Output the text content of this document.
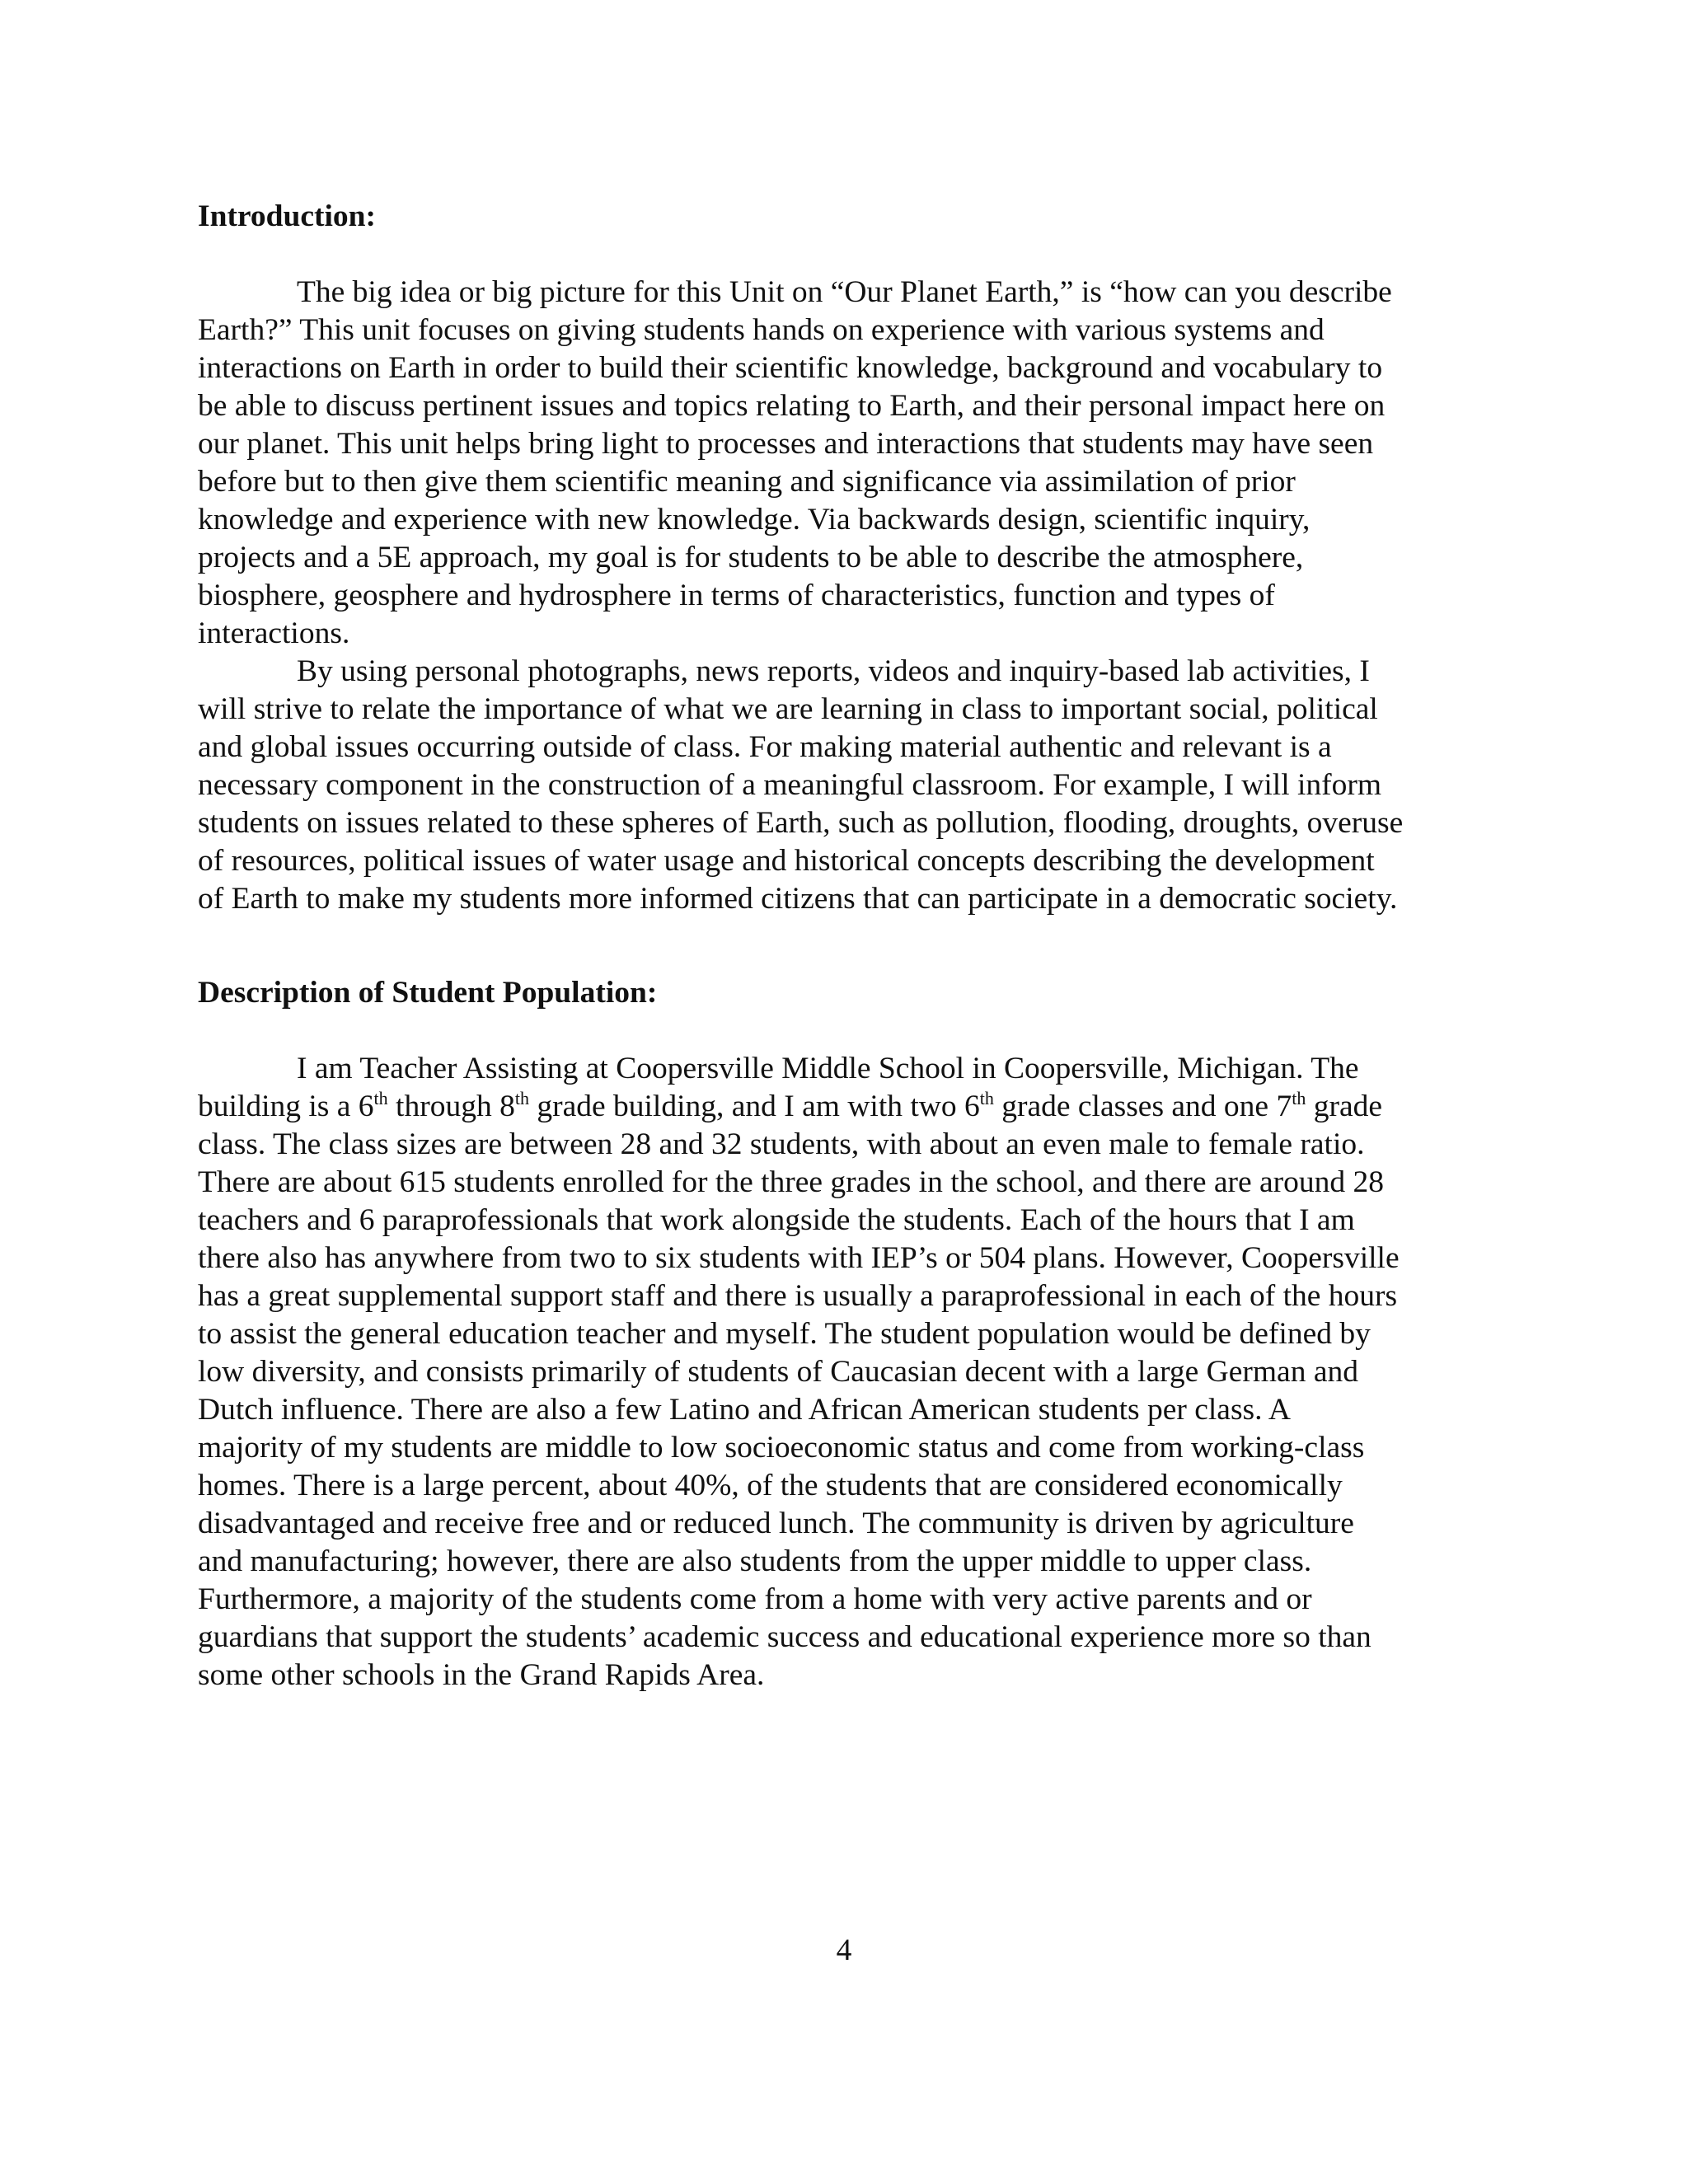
Introduction:
The big idea or big picture for this Unit on “Our Planet Earth,” is “how can you describe
Earth?” This unit focuses on giving students hands on experience with various systems and
interactions on Earth in order to build their scientific knowledge, background and vocabulary to
be able to discuss pertinent issues and topics relating to Earth, and their personal impact here on
our planet. This unit helps bring light to processes and interactions that students may have seen
before but to then give them scientific meaning and significance via assimilation of prior
knowledge and experience with new knowledge. Via backwards design, scientific inquiry,
projects and a 5E approach, my goal is for students to be able to describe the atmosphere,
biosphere, geosphere and hydrosphere in terms of characteristics, function and types of
interactions.
By using personal photographs, news reports, videos and inquiry-based lab activities, I
will strive to relate the importance of what we are learning in class to important social, political
and global issues occurring outside of class. For making material authentic and relevant is a
necessary component in the construction of a meaningful classroom. For example, I will inform
students on issues related to these spheres of Earth, such as pollution, flooding, droughts, overuse
of resources, political issues of water usage and historical concepts describing the development
of Earth to make my students more informed citizens that can participate in a democratic society.
Description of Student Population:
I am Teacher Assisting at Coopersville Middle School in Coopersville, Michigan. The
building is a 6th through 8th grade building, and I am with two 6th grade classes and one 7th grade
class. The class sizes are between 28 and 32 students, with about an even male to female ratio.
There are about 615 students enrolled for the three grades in the school, and there are around 28
teachers and 6 paraprofessionals that work alongside the students. Each of the hours that I am
there also has anywhere from two to six students with IEP’s or 504 plans. However, Coopersville
has a great supplemental support staff and there is usually a paraprofessional in each of the hours
to assist the general education teacher and myself. The student population would be defined by
low diversity, and consists primarily of students of Caucasian decent with a large German and
Dutch influence. There are also a few Latino and African American students per class. A
majority of my students are middle to low socioeconomic status and come from working-class
homes. There is a large percent, about 40%, of the students that are considered economically
disadvantaged and receive free and or reduced lunch. The community is driven by agriculture
and manufacturing; however, there are also students from the upper middle to upper class.
Furthermore, a majority of the students come from a home with very active parents and or
guardians that support the students’ academic success and educational experience more so than
some other schools in the Grand Rapids Area.
4
